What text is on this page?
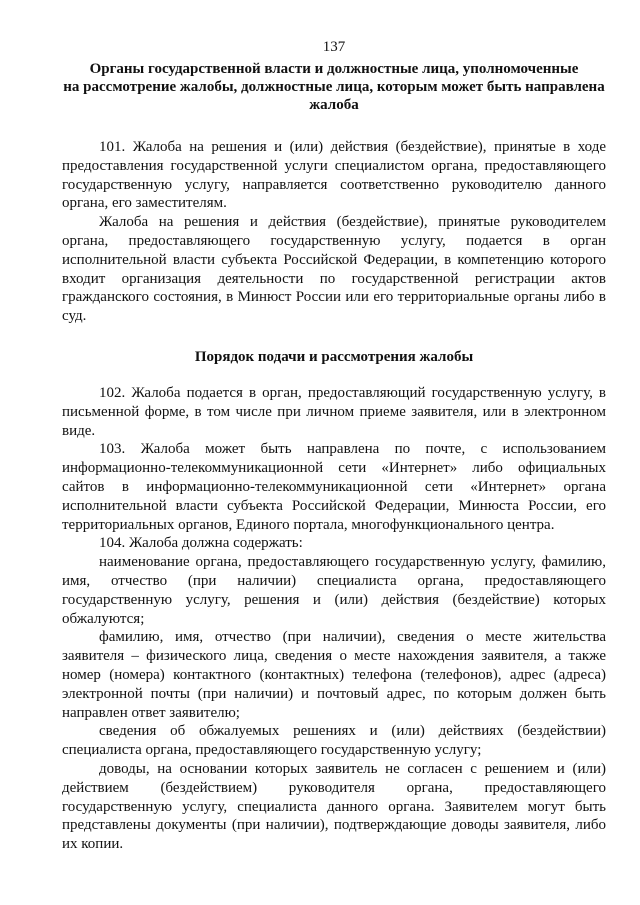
137
Органы государственной власти и должностные лица, уполномоченные
на рассмотрение жалобы, должностные лица, которым может быть направлена
жалоба

101. Жалоба на решения и (или) действия (бездействие), принятые в ходе предоставления государственной услуги специалистом органа, предоставляющего государственную услугу, направляется соответственно руководителю данного органа, его заместителям.

Жалоба на решения и действия (бездействие), принятые руководителем органа, предоставляющего государственную услугу, подается в орган исполнительной власти субъекта Российской Федерации, в компетенцию которого входит организация деятельности по государственной регистрации актов гражданского состояния, в Минюст России или его территориальные органы либо в суд.

Порядок подачи и рассмотрения жалобы

102. Жалоба подается в орган, предоставляющий государственную услугу, в письменной форме, в том числе при личном приеме заявителя, или в электронном виде.

103. Жалоба может быть направлена по почте, с использованием информационно-телекоммуникационной сети «Интернет» либо официальных сайтов в информационно-телекоммуникационной сети «Интернет» органа исполнительной власти субъекта Российской Федерации, Минюста России, его территориальных органов, Единого портала, многофункционального центра.

104. Жалоба должна содержать:

наименование органа, предоставляющего государственную услугу, фамилию, имя, отчество (при наличии) специалиста органа, предоставляющего государственную услугу, решения и (или) действия (бездействие) которых обжалуются;

фамилию, имя, отчество (при наличии), сведения о месте жительства заявителя – физического лица, сведения о месте нахождения заявителя, а также номер (номера) контактного (контактных) телефона (телефонов), адрес (адреса) электронной почты (при наличии) и почтовый адрес, по которым должен быть направлен ответ заявителю;

сведения об обжалуемых решениях и (или) действиях (бездействии) специалиста органа, предоставляющего государственную услугу;

доводы, на основании которых заявитель не согласен с решением и (или) действием (бездействием) руководителя органа, предоставляющего государственную услугу, специалиста данного органа. Заявителем могут быть представлены документы (при наличии), подтверждающие доводы заявителя, либо их копии.
